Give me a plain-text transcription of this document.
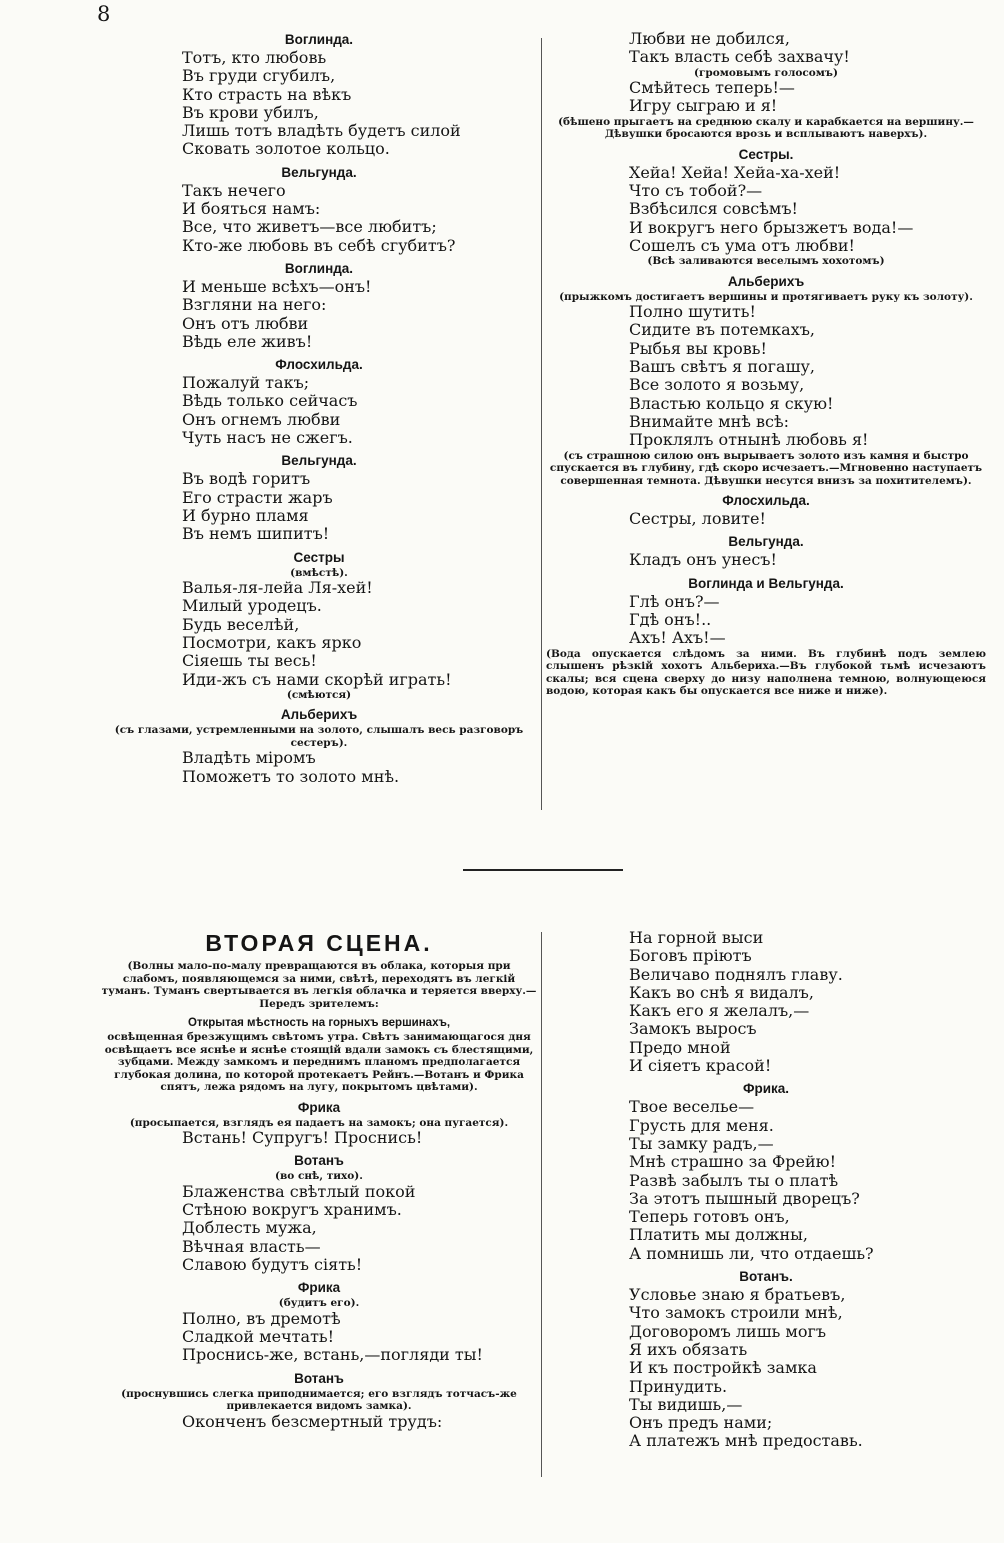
8
Воглинда.
Тотъ, кто любовь
Въ груди сгубилъ,
Кто страсть на вѣкъ
Въ крови убилъ,
Лишь тотъ владѣть будетъ силой
Сковать золотое кольцо.
Вельгунда.
Такъ нечего
И бояться намъ:
Все, что живетъ—все любитъ;
Кто-же любовь въ себѣ сгубитъ?
Воглинда.
И меньше всѣхъ—онъ!
Взгляни на него:
Онъ отъ любви
Вѣдь еле живъ!
Флосхильда.
Пожалуй такъ;
Вѣдь только сейчасъ
Онъ огнемъ любви
Чуть насъ не сжегъ.
Вельгунда.
Въ водѣ горитъ
Его страсти жаръ
И бурно пламя
Въ немъ шипитъ!
Сестры
(вмѣстѣ).
Валья-ля-лейа Ля-хей!
Милый уродецъ.
Будь веселѣй,
Посмотри, какъ ярко
Сіяешь ты весь!
Иди-жъ съ нами скорѣй играть!
(смѣются)
Альберихъ
(съ глазами, устремленными на золото, слышалъ весь разговоръ сестеръ).
Владѣть міромъ
Поможетъ то золото мнѣ.
Любви не добился,
Такъ власть себѣ захвачу!
(громовымъ голосомъ)
Смѣйтесь теперь!—
Игру сыграю и я!
(бѣшено прыгаетъ на среднюю скалу и карабкается на вершину.—Дѣвушки бросаются врозь и всплываютъ наверхъ).
Сестры.
Хейа! Хейа! Хейа-ха-хей!
Что съ тобой?—
Взбѣсился совсѣмъ!
И вокругъ него брызжетъ вода!—
Сошелъ съ ума отъ любви!
(Всѣ заливаются веселымъ хохотомъ)
Альберихъ
(прыжкомъ достигаетъ вершины и протягиваетъ руку къ золоту).
Полно шутить!
Сидите въ потемкахъ,
Рыбья вы кровь!
Вашъ свѣтъ я погашу,
Все золото я возьму,
Властью кольцо я скую!
Внимайте мнѣ всѣ:
Проклялъ отнынѣ любовь я!
(съ страшною силою онъ вырываетъ золото изъ камня и быстро спускается въ глубину, гдѣ скоро исчезаетъ.—Мгновенно наступаетъ совершенная темнота. Дѣвушки несутся внизъ за похитителемъ).
Флосхильда.
Сестры, ловите!
Вельгунда.
Кладъ онъ унесъ!
Воглинда и Вельгунда.
Глѣ онъ?—
Гдѣ онъ!..
Ахъ! Ахъ!—
(Вода опускается слѣдомъ за ними. Въ глубинѣ подъ землею слышенъ рѣзкій хохотъ Альбериха.—Въ глубокой тьмѣ исчезаютъ скалы; вся сцена сверху до низу наполнена темною, волнующеюся водою, которая какъ бы опускается все ниже и ниже).
ВТОРАЯ СЦЕНА.
(Волны мало-по-малу превращаются въ облака, которыя при слабомъ, появляющемся за ними, свѣтѣ, переходятъ въ легкій туманъ. Туманъ свертывается въ легкія облачка и теряется вверху.—Передъ зрителемъ:
Открытая мѣстность на горныхъ вершинахъ,
освѣщенная брезжущимъ свѣтомъ утра. Свѣтъ занимающагося дня освѣщаетъ все яснѣе и яснѣе стоящій вдали замокъ съ блестящими, зубцами. Между замкомъ и переднимъ планомъ предполагается глубокая долина, по которой протекаетъ Рейнъ.—Вотанъ и Фрика спятъ, лежа рядомъ на лугу, покрытомъ цвѣтами).
Фрика
(просыпается, взглядъ ея падаетъ на замокъ; она пугается).
Встань! Супругъ! Проснись!
Вотанъ
(во снѣ, тихо).
Блаженства свѣтлый покой
Стѣною вокругъ хранимъ.
Доблесть мужа,
Вѣчная власть—
Славою будутъ сіять!
Фрика
(будитъ его).
Полно, въ дремотѣ
Сладкой мечтать!
Проснись-же, встань,—погляди ты!
Вотанъ
(проснувшись слегка приподнимается; его взглядъ тотчасъ-же привлекается видомъ замка).
Оконченъ безсмертный трудъ:
На горной выси
Боговъ пріютъ
Величаво поднялъ главу.
Какъ во снѣ я видалъ,
Какъ его я желалъ,—
Замокъ выросъ
Предо мной
И сіяетъ красой!
Фрика.
Твое веселье—
Грусть для меня.
Ты замку радъ,—
Мнѣ страшно за Фрейю!
Развѣ забылъ ты о платѣ
За этотъ пышный дворецъ?
Теперь готовъ онъ,
Платить мы должны,
А помнишь ли, что отдаешь?
Вотанъ.
Условье знаю я братьевъ,
Что замокъ строили мнѣ,
Договоромъ лишь могъ
Я ихъ обязать
И къ постройкѣ замка
Принудить.
Ты видишь,—
Онъ предъ нами;
А платежъ мнѣ предоставь.
